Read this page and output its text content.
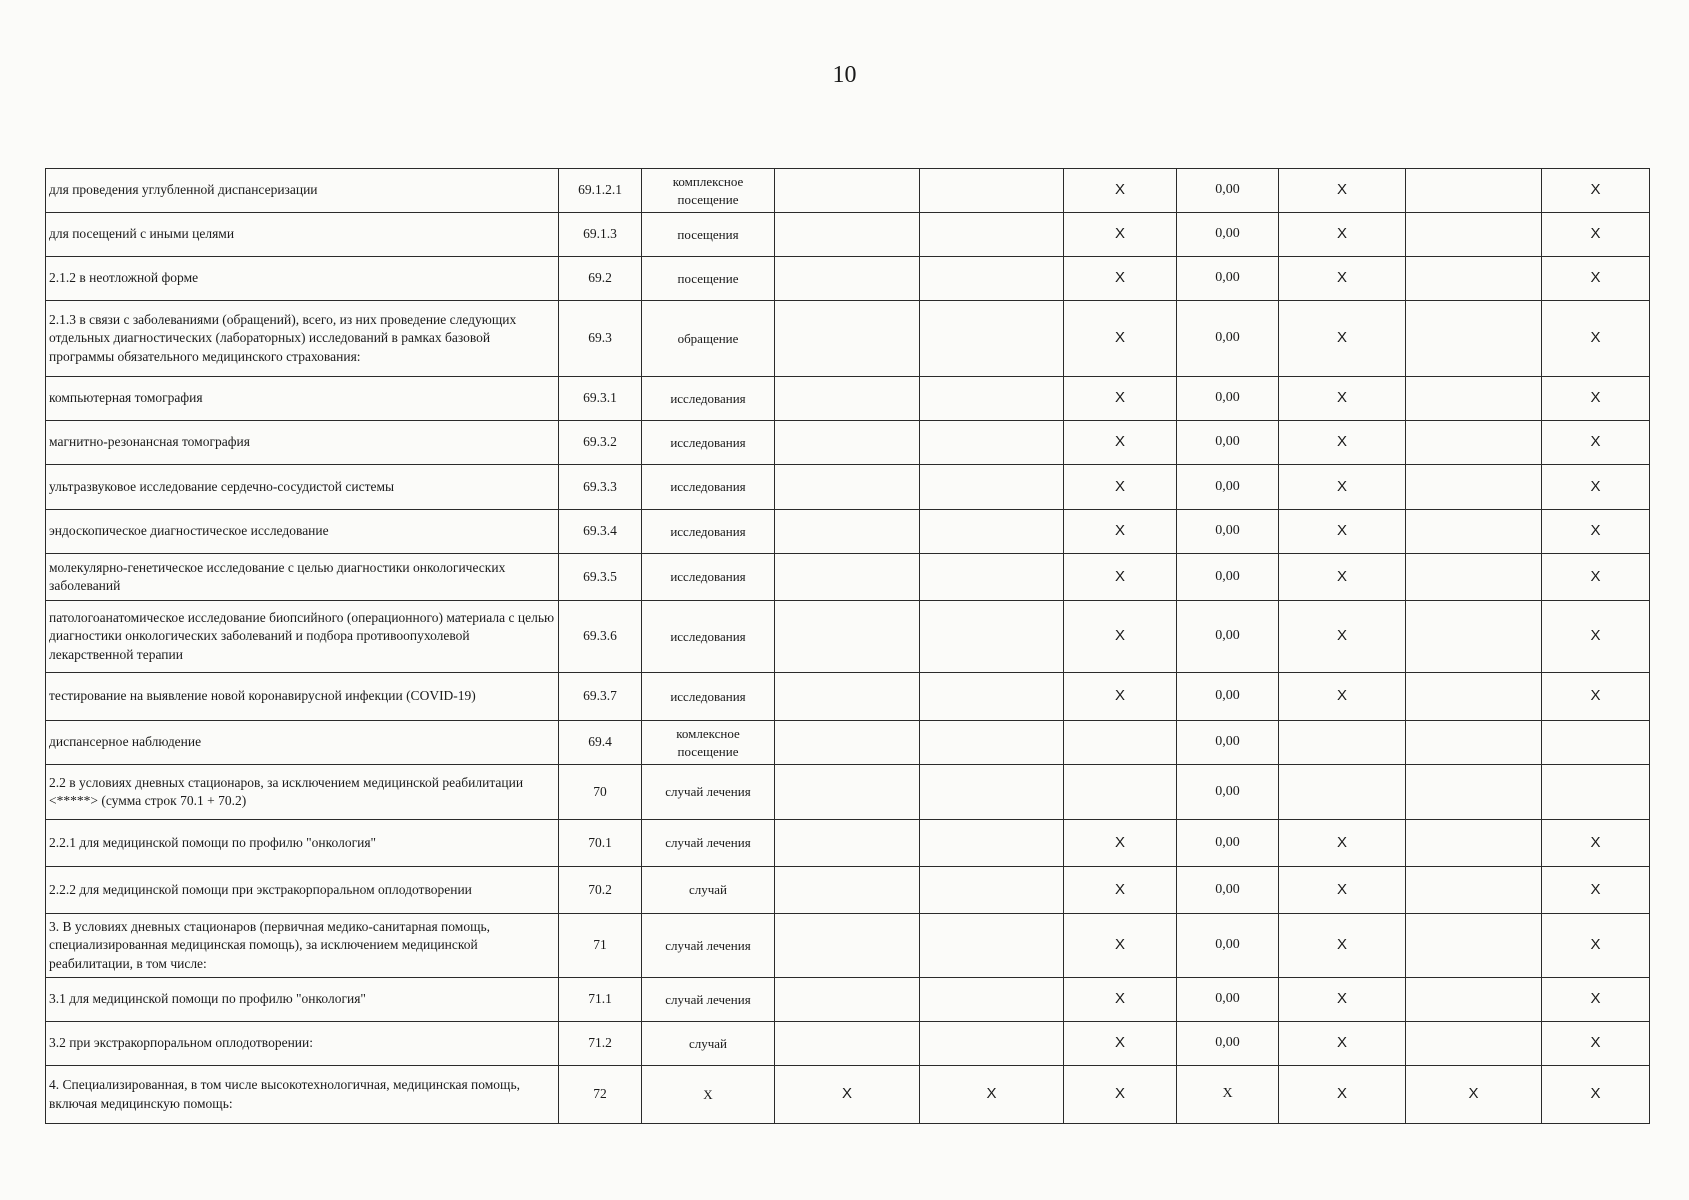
10
для проведения углубленной диспансеризации	69.1.2.1	комплексное посещение			X	0,00	X		X
для посещений с иными целями	69.1.3	посещения			X	0,00	X		X
2.1.2 в неотложной форме	69.2	посещение			X	0,00	X		X
2.1.3 в связи с заболеваниями (обращений), всего, из них проведение следующих отдельных диагностических (лабораторных) исследований в рамках базовой программы обязательного медицинского страхования:	69.3	обращение			X	0,00	X		X
компьютерная томография	69.3.1	исследования			X	0,00	X		X
магнитно-резонансная томография	69.3.2	исследования			X	0,00	X		X
ультразвуковое исследование сердечно-сосудистой системы	69.3.3	исследования			X	0,00	X		X
эндоскопическое диагностическое исследование	69.3.4	исследования			X	0,00	X		X
молекулярно-генетическое исследование с целью диагностики онкологических заболеваний	69.3.5	исследования			X	0,00	X		X
патологоанатомическое исследование биопсийного (операционного) материала с целью диагностики онкологических заболеваний и подбора противоопухолевой лекарственной терапии	69.3.6	исследования			X	0,00	X		X
тестирование на выявление новой коронавирусной инфекции (COVID-19)	69.3.7	исследования			X	0,00	X		X
диспансерное наблюдение	69.4	комлексное посещение				0,00			
2.2 в условиях дневных стационаров, за исключением медицинской реабилитации <*****> (сумма строк 70.1 + 70.2)	70	случай лечения				0,00			
2.2.1 для медицинской помощи по профилю "онкология"	70.1	случай лечения			X	0,00	X		X
2.2.2 для медицинской помощи при экстракорпоральном оплодотворении	70.2	случай			X	0,00	X		X
3. В условиях дневных стационаров (первичная медико-санитарная помощь, специализированная медицинская помощь), за исключением медицинской реабилитации, в том числе:	71	случай лечения			X	0,00	X		X
3.1 для медицинской помощи по профилю "онкология"	71.1	случай лечения			X	0,00	X		X
3.2 при экстракорпоральном оплодотворении:	71.2	случай			X	0,00	X		X
4. Специализированная, в том числе высокотехнологичная, медицинская помощь, включая медицинскую помощь:	72	X	X	X	X	X	X	X	X
